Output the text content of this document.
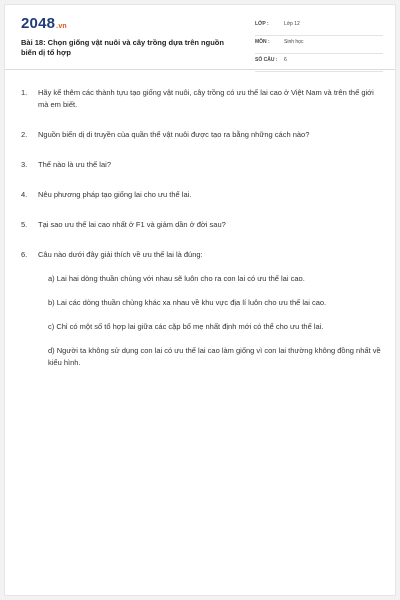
2048.vn
Bài 18: Chọn giống vật nuôi và cây trồng dựa trên nguồn biến dị tổ hợp
LỚP :	Lớp 12
MÔN :	Sinh học
SỐ CÂU : 6
1. Hãy kể thêm các thành tựu tạo giống vật nuôi, cây trồng có ưu thế lai cao ở Việt Nam và trên thế giới mà em biết.
2. Nguồn biến dị di truyền của quần thể vật nuôi được tạo ra bằng những cách nào?
3. Thế nào là ưu thế lai?
4. Nêu phương pháp tạo giống lai cho ưu thế lai.
5. Tại sao ưu thế lai cao nhất ở F1 và giảm dần ở đời sau?
6. Câu nào dưới đây giải thích về ưu thế lai là đúng:
a) Lai hai dòng thuần chủng với nhau sẽ luôn cho ra con lai có ưu thế lai cao.
b) Lai các dòng thuần chủng khác xa nhau về khu vực địa lí luôn cho ưu thế lai cao.
c) Chỉ có một số tổ hợp lai giữa các cặp bố mẹ nhất định mới có thể cho ưu thế lai.
d) Người ta không sử dụng con lai có ưu thế lai cao làm giống vì con lai thường không đồng nhất về kiểu hình.
